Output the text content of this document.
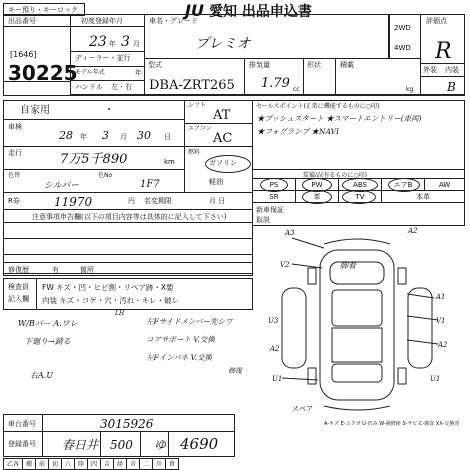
キー預り・キーロック	JU 愛知 出品申込書
出品番号
[1646]
30225
初度登録年月
23 年 3 月
ディーラー・並行
モデル年式	年
ハンドル 左・右
車名・グレード
プレミオ
2WD
4WD
評価点
R
型式
DBA-ZRT265
排気量
1.79 cc
形状	積載
kg
外装 内装
B
自家用	・	シフト
AT
車検
28 年 3 月 30 日
エアコン
AC
走行	7万5千890	km
色替
シルバー
色No
1F7
燃料
ガソリン
軽油
R券	11970	円 名変期限	月 日
セールスポイント(正常に機能するものに○印)
★プッシュスタート ★スマートエントリー(車両)
★フォグランプ ★NAVI
装備品(有るものに○印)
PS	PW	ABS	エアB	AW
SR	革	TV	本革
新車保証
取説
注意事項申告欄(以下の項目内容等は具体的に記入して下さい)
修復歴	有	箇所
検査員
記入欄
FW キズ・凹・ヒビ割・リペア跡・X要
内装 キズ・コゲ・穴・汚れ・キレ・破レ
LH
W/Bパー A.ワレ
下廻り→錆る
左Fサイドメンバー先シワ
コアサポート V.交換
左Fインパネ V.交換
右A.U	修復
A3	A2
脚着
A1
V2
U3	V1
A2
A2
U1	U1
スペア
A-キズ E-エクボ U-凹み W-補修跡 S-サビ C-腐食 XX-交換済
車台番号	3015926
登録番号 春日井 500 ゆ 4690
乙各	種	前	初	八	陸	四	吉	経	市	二	川	倉
